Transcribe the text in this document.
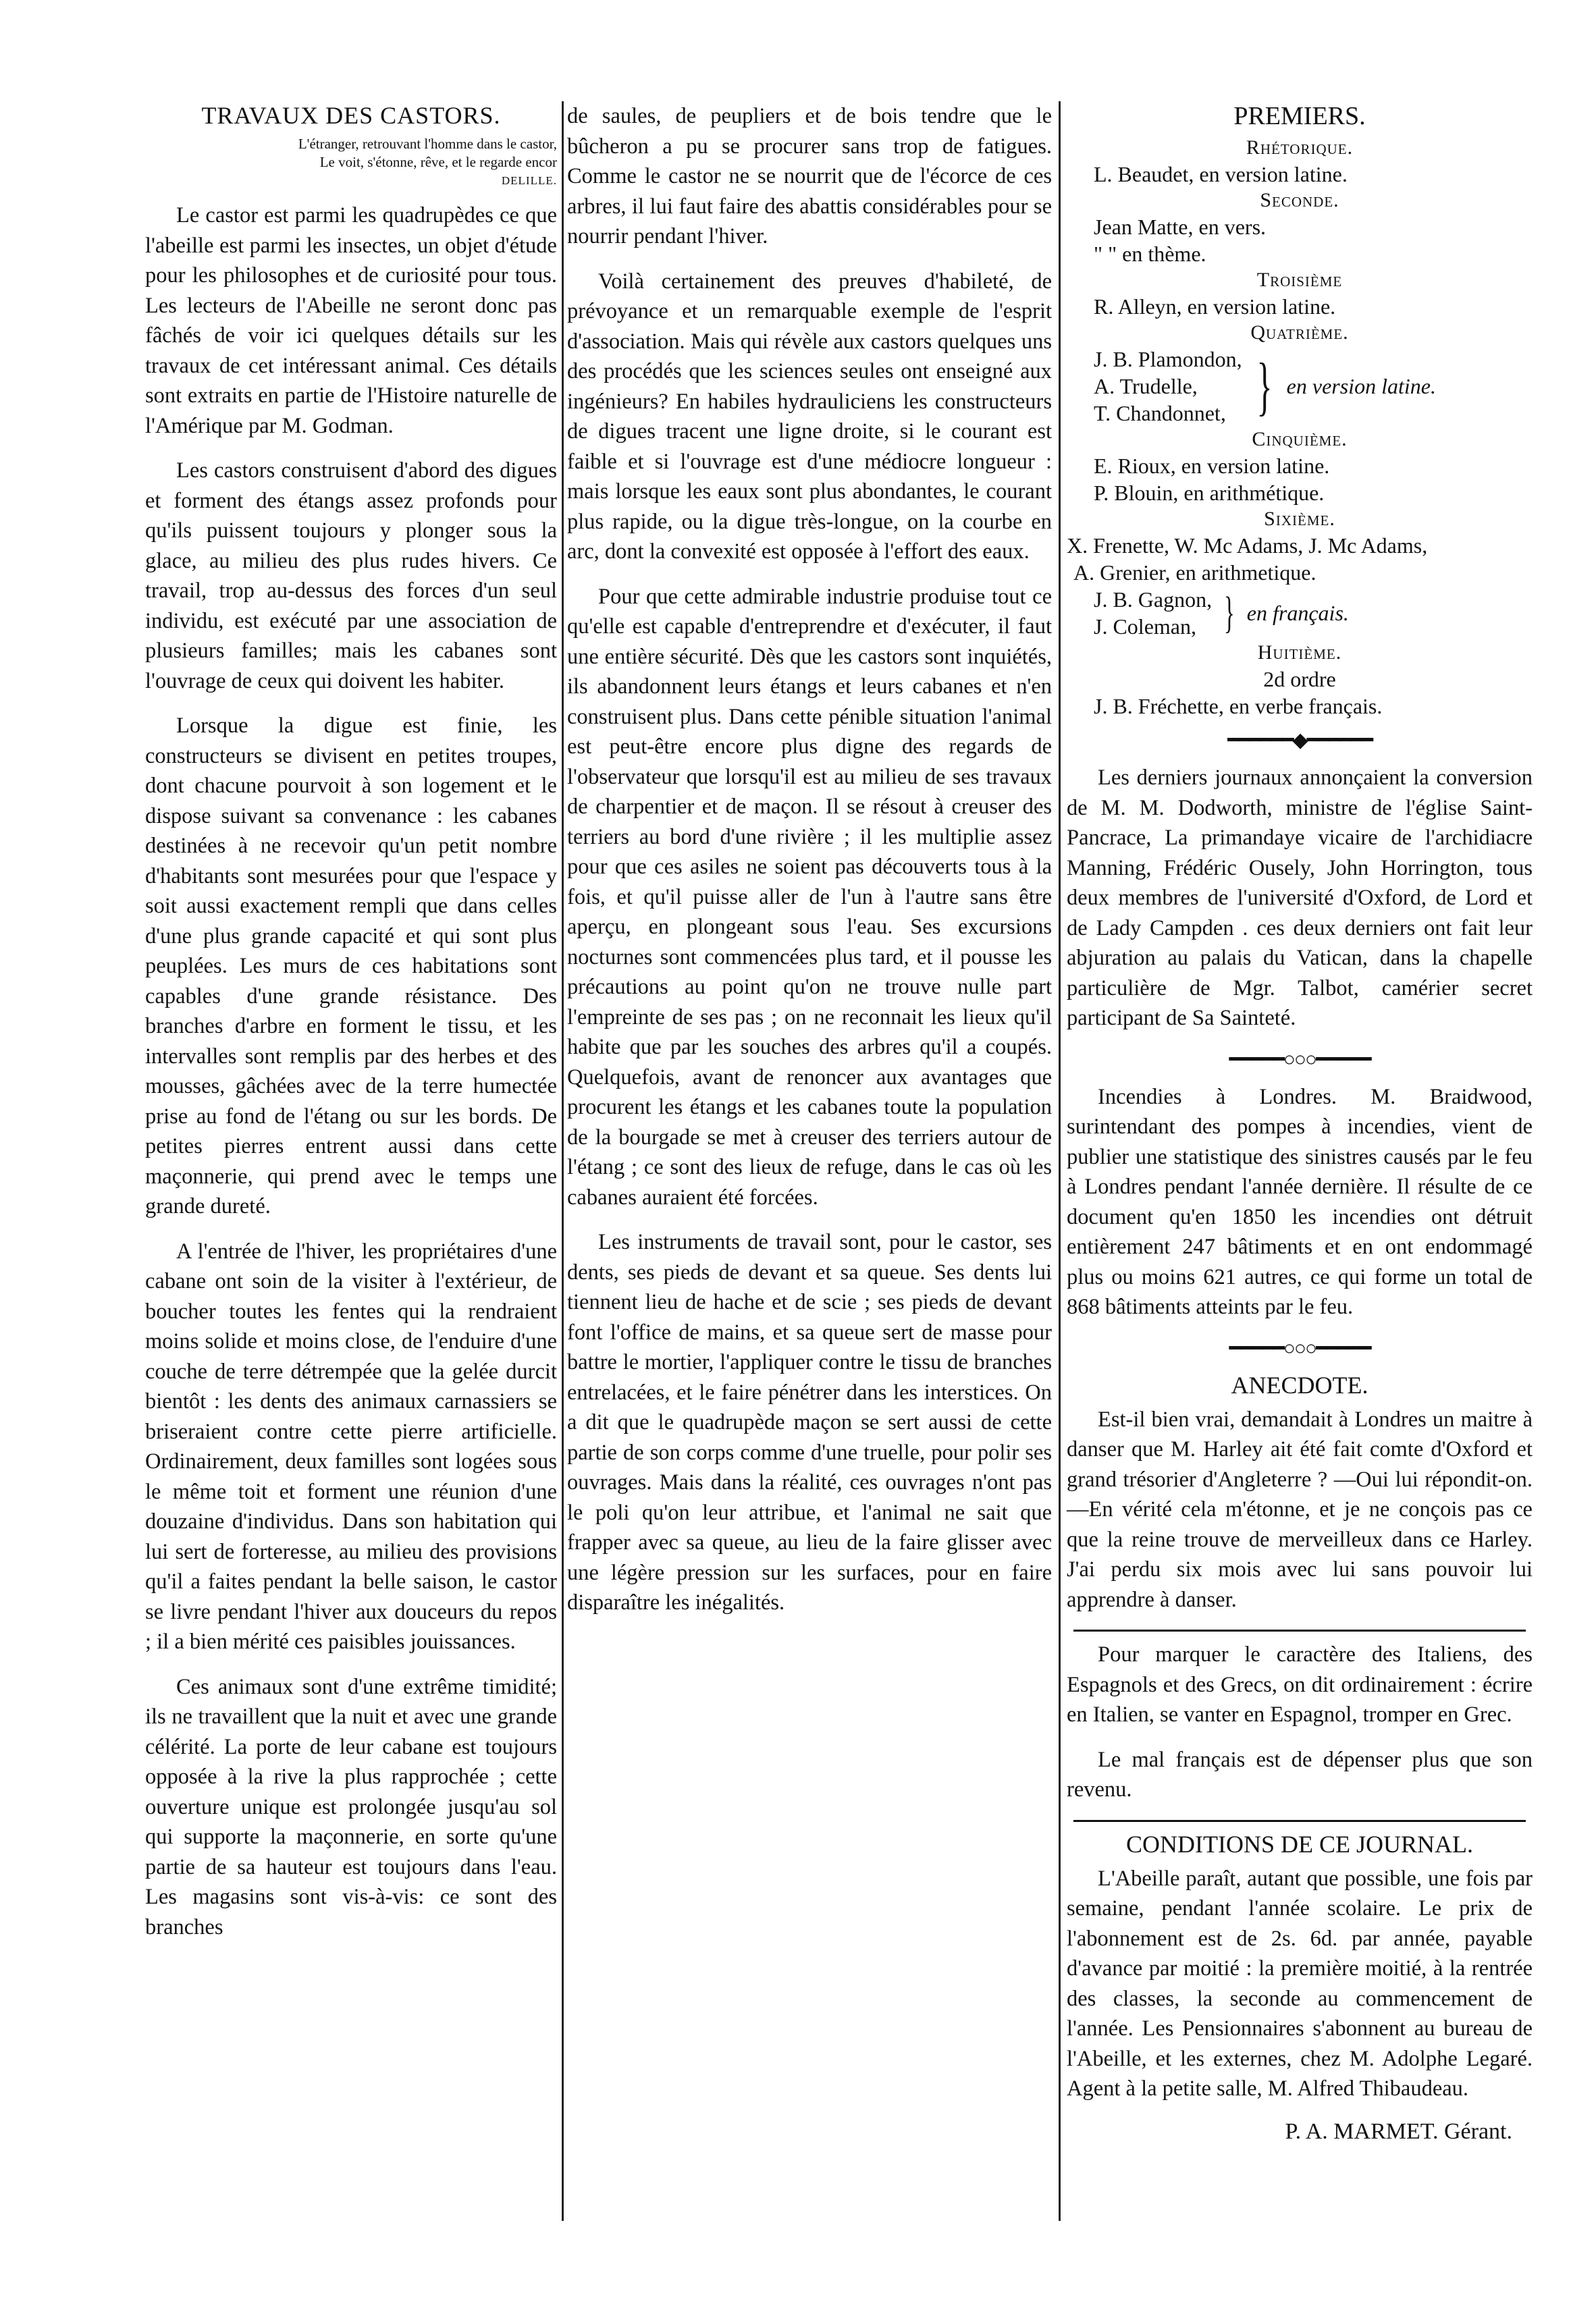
TRAVAUX DES CASTORS.
L'étranger, retrouvant l'homme dans le castor,
Le voit, s'étonne, rêve, et le regarde encor
DELILLE.

Le castor est parmi les quadrupèdes ce que l'abeille est parmi les insectes, un objet d'étude pour les philosophes et de curiosité pour tous. Les lecteurs de l'Abeille ne seront donc pas fâchés de voir ici quelques détails sur les travaux de cet intéressant animal. Ces détails sont extraits en partie de l'Histoire naturelle de l'Amérique par M. Godman.

Les castors construisent d'abord des digues et forment des étangs assez profonds pour qu'ils puissent toujours y plonger sous la glace, au milieu des plus rudes hivers. Ce travail, trop au-dessus des forces d'un seul individu, est exécuté par une association de plusieurs familles; mais les cabanes sont l'ouvrage de ceux qui doivent les habiter.

Lorsque la digue est finie, les constructeurs se divisent en petites troupes, dont chacune pourvoit à son logement et le dispose suivant sa convenance : les cabanes destinées à ne recevoir qu'un petit nombre d'habitants sont mesurées pour que l'espace y soit aussi exactement rempli que dans celles d'une plus grande capacité et qui sont plus peuplées. Les murs de ces habitations sont capables d'une grande résistance. Des branches d'arbre en forment le tissu, et les intervalles sont remplis par des herbes et des mousses, gâchées avec de la terre humectée prise au fond de l'étang ou sur les bords. De petites pierres entrent aussi dans cette maçonnerie, qui prend avec le temps une grande dureté.

A l'entrée de l'hiver, les propriétaires d'une cabane ont soin de la visiter à l'extérieur, de boucher toutes les fentes qui la rendraient moins solide et moins close, de l'enduire d'une couche de terre détrempée que la gelée durcit bientôt : les dents des animaux carnassiers se briseraient contre cette pierre artificielle. Ordinairement, deux familles sont logées sous le même toit et forment une réunion d'une douzaine d'individus. Dans son habitation qui lui sert de forteresse, au milieu des provisions qu'il a faites pendant la belle saison, le castor se livre pendant l'hiver aux douceurs du repos ; il a bien mérité ces paisibles jouissances.

Ces animaux sont d'une extrême timidité; ils ne travaillent que la nuit et avec une grande célérité. La porte de leur cabane est toujours opposée à la rive la plus rapprochée ; cette ouverture unique est prolongée jusqu'au sol qui supporte la maçonnerie, en sorte qu'une partie de sa hauteur est toujours dans l'eau. Les magasins sont vis-à-vis: ce sont des branches

de saules, de peupliers et de bois tendre que le bûcheron a pu se procurer sans trop de fatigues. Comme le castor ne se nourrit que de l'écorce de ces arbres, il lui faut faire des abattis considérables pour se nourrir pendant l'hiver.

Voilà certainement des preuves d'habileté, de prévoyance et un remarquable exemple de l'esprit d'association. Mais qui révèle aux castors quelques uns des procédés que les sciences seules ont enseigné aux ingénieurs? En habiles hydrauliciens les constructeurs de digues tracent une ligne droite, si le courant est faible et si l'ouvrage est d'une médiocre longueur : mais lorsque les eaux sont plus abondantes, le courant plus rapide, ou la digue très-longue, on la courbe en arc, dont la convexité est opposée à l'effort des eaux.

Pour que cette admirable industrie produise tout ce qu'elle est capable d'entreprendre et d'exécuter, il faut une entière sécurité. Dès que les castors sont inquiétés, ils abandonnent leurs étangs et leurs cabanes et n'en construisent plus. Dans cette pénible situation l'animal est peut-être encore plus digne des regards de l'observateur que lorsqu'il est au milieu de ses travaux de charpentier et de maçon. Il se résout à creuser des terriers au bord d'une rivière ; il les multiplie assez pour que ces asiles ne soient pas découverts tous à la fois, et qu'il puisse aller de l'un à l'autre sans être aperçu, en plongeant sous l'eau. Ses excursions nocturnes sont commencées plus tard, et il pousse les précautions au point qu'on ne trouve nulle part l'empreinte de ses pas ; on ne reconnait les lieux qu'il habite que par les souches des arbres qu'il a coupés. Quelquefois, avant de renoncer aux avantages que procurent les étangs et les cabanes toute la population de la bourgade se met à creuser des terriers autour de l'étang ; ce sont des lieux de refuge, dans le cas où les cabanes auraient été forcées.

Les instruments de travail sont, pour le castor, ses dents, ses pieds de devant et sa queue. Ses dents lui tiennent lieu de hache et de scie ; ses pieds de devant font l'office de mains, et sa queue sert de masse pour battre le mortier, l'appliquer contre le tissu de branches entrelacées, et le faire pénétrer dans les interstices. On a dit que le quadrupède maçon se sert aussi de cette partie de son corps comme d'une truelle, pour polir ses ouvrages. Mais dans la réalité, ces ouvrages n'ont pas le poli qu'on leur attribue, et l'animal ne sait que frapper avec sa queue, au lieu de la faire glisser avec une légère pression sur les surfaces, pour en faire disparaître les inégalités.

PREMIERS.
Rhétorique.
L. Beaudet, en version latine.
Seconde.
Jean Matte, en vers.
" " en thème.
Troisième
R. Alleyn, en version latine.
Quatrième.
J. B. Plamondon,
A. Trudelle,
T. Chandonnet, } en version latine.
Cinquième.
E. Rioux, en version latine.
P. Blouin, en arithmétique.
Sixième.
X. Frenette, W. Mc Adams, J. Mc Adams,
A. Grenier, en arithmetique.
J. B. Gagnon,
J. Coleman, } en français.
Huitième.
2d ordre
J. B. Fréchette, en verbe français.
━━━━━━◆━━━━━━

Les derniers journaux annonçaient la conversion de M. M. Dodworth, ministre de l'église Saint-Pancrace, La primandaye vicaire de l'archidiacre Manning, Frédéric Ousely, John Horrington, tous deux membres de l'université d'Oxford, de Lord et de Lady Campden . ces deux derniers ont fait leur abjuration au palais du Vatican, dans la chapelle particulière de Mgr. Talbot, camérier secret participant de Sa Sainteté.

━━━━━○○○━━━━━

Incendies à Londres. M. Braidwood, surintendant des pompes à incendies, vient de publier une statistique des sinistres causés par le feu à Londres pendant l'année dernière. Il résulte de ce document qu'en 1850 les incendies ont détruit entièrement 247 bâtiments et en ont endommagé plus ou moins 621 autres, ce qui forme un total de 868 bâtiments atteints par le feu.

━━━━━○○○━━━━━
ANECDOTE.

Est-il bien vrai, demandait à Londres un maitre à danser que M. Harley ait été fait comte d'Oxford et grand trésorier d'Angleterre ? —Oui lui répondit-on.—En vérité cela m'étonne, et je ne conçois pas ce que la reine trouve de merveilleux dans ce Harley. J'ai perdu six mois avec lui sans pouvoir lui apprendre à danser.

Pour marquer le caractère des Italiens, des Espagnols et des Grecs, on dit ordinairement : écrire en Italien, se vanter en Espagnol, tromper en Grec.

Le mal français est de dépenser plus que son revenu.

CONDITIONS DE CE JOURNAL.

L'Abeille paraît, autant que possible, une fois par semaine, pendant l'année scolaire. Le prix de l'abonnement est de 2s. 6d. par année, payable d'avance par moitié : la première moitié, à la rentrée des classes, la seconde au commencement de l'année. Les Pensionnaires s'abonnent au bureau de l'Abeille, et les externes, chez M. Adolphe Legaré. Agent à la petite salle, M. Alfred Thibaudeau.

P. A. MARMET. Gérant.
